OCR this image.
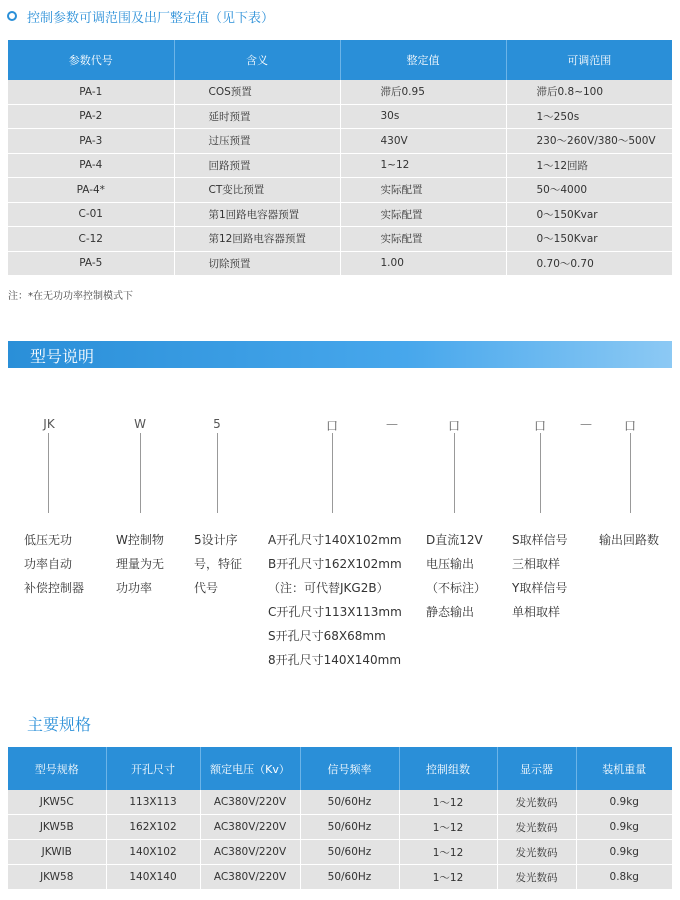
控制参数可调范围及出厂整定值（见下表）
参数代号	含义	整定值	可调范围
PA-1	COS预置	滞后0.95	滞后0.8~100
PA-2	延时预置	30s	1～250s
PA-3	过压预置	430V	230～260V/380～500V
PA-4	回路预置	1~12	1～12回路
PA-4*	CT变比预置	实际配置	50～4000
C-01	第1回路电容器预置	实际配置	0～150Kvar
C-12	第12回路电容器预置	实际配置	0～150Kvar
PA-5	切除预置	1.00	0.70～0.70
注：*在无功功率控制模式下
型号说明
JK	W	5	口	—	口	口	—	口
低压无功
功率自动
补偿控制器
W控制物
理量为无
功功率
5设计序
号，特征
代号
A开孔尺寸140X102mm
B开孔尺寸162X102mm
（注：可代替JKG2B）
C开孔尺寸113X113mm
S开孔尺寸68X68mm
8开孔尺寸140X140mm
D直流12V
电压输出
（不标注）
静态输出
S取样信号
三相取样
Y取样信号
单相取样
输出回路数
主要规格
型号规格	开孔尺寸	额定电压（Kv）	信号频率	控制组数	显示器	装机重量
JKW5C	113X113	AC380V/220V	50/60Hz	1～12	发光数码	0.9kg
JKW5B	162X102	AC380V/220V	50/60Hz	1～12	发光数码	0.9kg
JKWIB	140X102	AC380V/220V	50/60Hz	1～12	发光数码	0.9kg
JKW58	140X140	AC380V/220V	50/60Hz	1～12	发光数码	0.8kg
